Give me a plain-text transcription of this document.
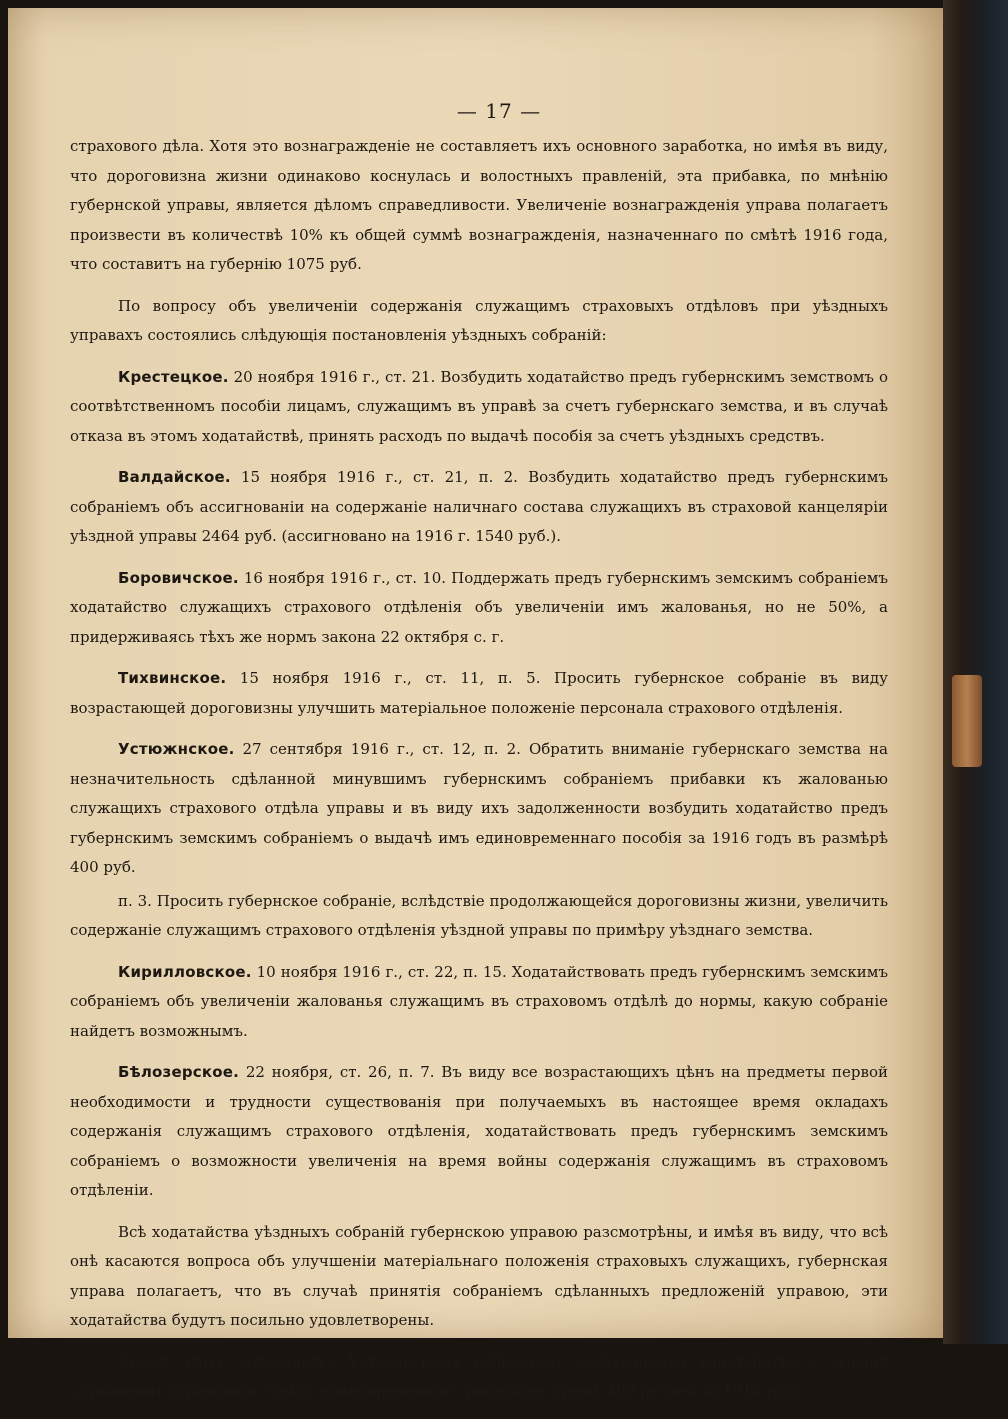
— 17 —

страхового дѣла. Хотя это вознагражденіе не составляетъ ихъ основного заработка, но имѣя въ виду, что дороговизна жизни одинаково коснулась и волостныхъ правленій, эта прибавка, по мнѣнію губернской управы, является дѣломъ справедливости. Увеличеніе вознагражденія управа полагаетъ произвести въ количествѣ 10% къ общей суммѣ вознагражденія, назначеннаго по смѣтѣ 1916 года, что составитъ на губернію 1075 руб.

По вопросу объ увеличеніи содержанія служащимъ страховыхъ отдѣловъ при уѣздныхъ управахъ состоялись слѣдующія постановленія уѣздныхъ собраній:

Крестецкое. 20 ноября 1916 г., ст. 21. Возбудить ходатайство предъ губернскимъ земствомъ о соотвѣтственномъ пособіи лицамъ, служащимъ въ управѣ за счетъ губернскаго земства, и въ случаѣ отказа въ этомъ ходатайствѣ, принять расходъ по выдачѣ пособія за счетъ уѣздныхъ средствъ.

Валдайское. 15 ноября 1916 г., ст. 21, п. 2. Возбудить ходатайство предъ губернскимъ собраніемъ объ ассигнованіи на содержаніе наличнаго состава служащихъ въ страховой канцеляріи уѣздной управы 2464 руб. (ассигновано на 1916 г. 1540 руб.).

Боровичское. 16 ноября 1916 г., ст. 10. Поддержать предъ губернскимъ земскимъ собраніемъ ходатайство служащихъ страхового отдѣленія объ увеличеніи имъ жалованья, но не 50%, а придерживаясь тѣхъ же нормъ закона 22 октября с. г.

Тихвинское. 15 ноября 1916 г., ст. 11, п. 5. Просить губернское собраніе въ виду возрастающей дороговизны улучшить матеріальное положеніе персонала страхового отдѣленія.

Устюжнское. 27 сентября 1916 г., ст. 12, п. 2. Обратить вниманіе губернскаго земства на незначительность сдѣланной минувшимъ губернскимъ собраніемъ прибавки къ жалованью служащихъ страхового отдѣла управы и въ виду ихъ задолженности возбудить ходатайство предъ губернскимъ земскимъ собраніемъ о выдачѣ имъ единовременнаго пособія за 1916 годъ въ размѣрѣ 400 руб.

п. 3. Просить губернское собраніе, вслѣдствіе продолжающейся дороговизны жизни, увеличить содержаніе служащимъ страхового отдѣленія уѣздной управы по примѣру уѣзднаго земства.

Кирилловское. 10 ноября 1916 г., ст. 22, п. 15. Ходатайствовать предъ губернскимъ земскимъ собраніемъ объ увеличеніи жалованья служащимъ въ страховомъ отдѣлѣ до нормы, какую собраніе найдетъ возможнымъ.

Бѣлозерское. 22 ноября, ст. 26, п. 7. Въ виду все возрастающихъ цѣнъ на предметы первой необходимости и трудности существованія при получаемыхъ въ настоящее время окладахъ содержанія служащимъ страхового отдѣленія, ходатайствовать предъ губернскимъ земскимъ собраніемъ о возможности увеличенія на время войны содержанія служащимъ въ страховомъ отдѣленіи.

Всѣ ходатайства уѣздныхъ собраній губернскою управою разсмотрѣны, и имѣя въ виду, что всѣ онѣ касаются вопроса объ улучшеніи матеріальнаго положенія страховыхъ служащихъ, губернская управа полагаетъ, что въ случаѣ принятія собраніемъ сдѣланныхъ предложеній управою, эти ходатайства будутъ посильно удовлетворены.

Кромѣ этихъ ходатайствъ Устюжнскимъ собраніемъ возбуждается ходатайство о выдачѣ служащимъ страхового отдѣла единовременнаго пособія въ суммѣ 400 рублей за 1916 годъ,
